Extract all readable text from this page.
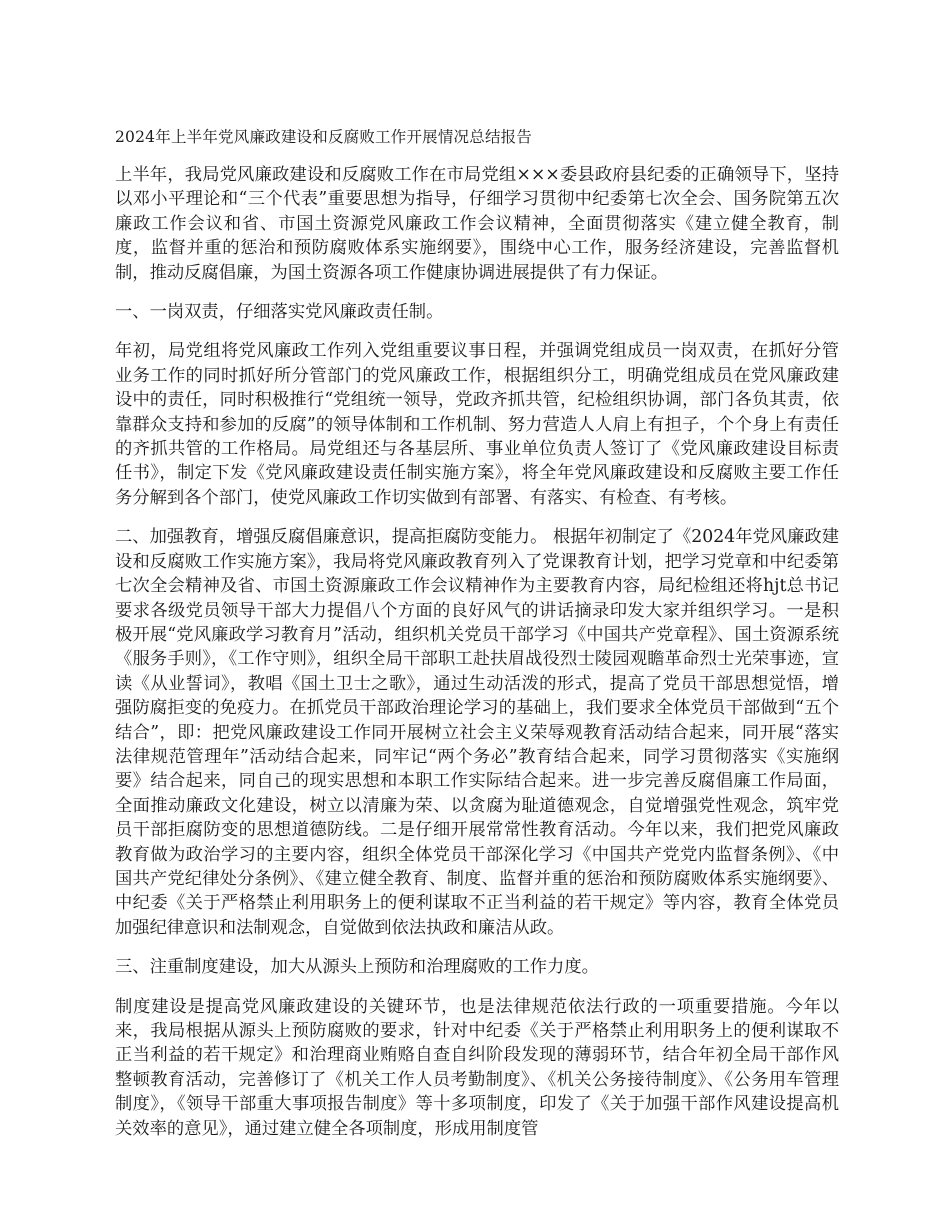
2024年上半年党风廉政建设和反腐败工作开展情况总结报告

上半年，我局党风廉政建设和反腐败工作在市局党组×××委县政府县纪委的正确领导下，坚持以邓小平理论和“三个代表”重要思想为指导，仔细学习贯彻中纪委第七次全会、国务院第五次廉政工作会议和省、市国土资源党风廉政工作会议精神，全面贯彻落实《建立健全教育，制度，监督并重的惩治和预防腐败体系实施纲要》，围绕中心工作，服务经济建设，完善监督机制，推动反腐倡廉，为国土资源各项工作健康协调进展提供了有力保证。

一、一岗双责，仔细落实党风廉政责任制。

年初，局党组将党风廉政工作列入党组重要议事日程，并强调党组成员一岗双责，在抓好分管业务工作的同时抓好所分管部门的党风廉政工作，根据组织分工，明确党组成员在党风廉政建设中的责任，同时积极推行“党组统一领导，党政齐抓共管，纪检组织协调，部门各负其责，依靠群众支持和参加的反腐”的领导体制和工作机制、努力营造人人肩上有担子，个个身上有责任的齐抓共管的工作格局。局党组还与各基层所、事业单位负责人签订了《党风廉政建设目标责任书》，制定下发《党风廉政建设责任制实施方案》，将全年党风廉政建设和反腐败主要工作任务分解到各个部门，使党风廉政工作切实做到有部署、有落实、有检查、有考核。

二、加强教育，增强反腐倡廉意识，提高拒腐防变能力。 根据年初制定了《2024年党风廉政建设和反腐败工作实施方案》，我局将党风廉政教育列入了党课教育计划，把学习党章和中纪委第七次全会精神及省、市国土资源廉政工作会议精神作为主要教育内容，局纪检组还将hjt总书记要求各级党员领导干部大力提倡八个方面的良好风气的讲话摘录印发大家并组织学习。一是积极开展“党风廉政学习教育月”活动，组织机关党员干部学习《中国共产党章程》、国土资源系统《服务手则》，《工作守则》，组织全局干部职工赴扶眉战役烈士陵园观瞻革命烈士光荣事迹，宣读《从业誓词》，教唱《国土卫士之歌》，通过生动活泼的形式，提高了党员干部思想觉悟，增强防腐拒变的免疫力。在抓党员干部政治理论学习的基础上，我们要求全体党员干部做到“五个结合”，即：把党风廉政建设工作同开展树立社会主义荣辱观教育活动结合起来，同开展“落实法律规范管理年”活动结合起来，同牢记“两个务必”教育结合起来，同学习贯彻落实《实施纲要》结合起来，同自己的现实思想和本职工作实际结合起来。进一步完善反腐倡廉工作局面，全面推动廉政文化建设，树立以清廉为荣、以贪腐为耻道德观念，自觉增强党性观念，筑牢党员干部拒腐防变的思想道德防线。二是仔细开展常常性教育活动。今年以来，我们把党风廉政教育做为政治学习的主要内容，组织全体党员干部深化学习《中国共产党党内监督条例》、《中国共产党纪律处分条例》、《建立健全教育、制度、监督并重的惩治和预防腐败体系实施纲要》、中纪委《关于严格禁止利用职务上的便利谋取不正当利益的若干规定》等内容，教育全体党员加强纪律意识和法制观念，自觉做到依法执政和廉洁从政。

三、注重制度建设，加大从源头上预防和治理腐败的工作力度。

制度建设是提高党风廉政建设的关键环节，也是法律规范依法行政的一项重要措施。今年以来，我局根据从源头上预防腐败的要求，针对中纪委《关于严格禁止利用职务上的便利谋取不正当利益的若干规定》和治理商业贿赂自查自纠阶段发现的薄弱环节，结合年初全局干部作风整顿教育活动，完善修订了《机关工作人员考勤制度》、《机关公务接待制度》、《公务用车管理制度》，《领导干部重大事项报告制度》等十多项制度，印发了《关于加强干部作风建设提高机关效率的意见》，通过建立健全各项制度，形成用制度管
